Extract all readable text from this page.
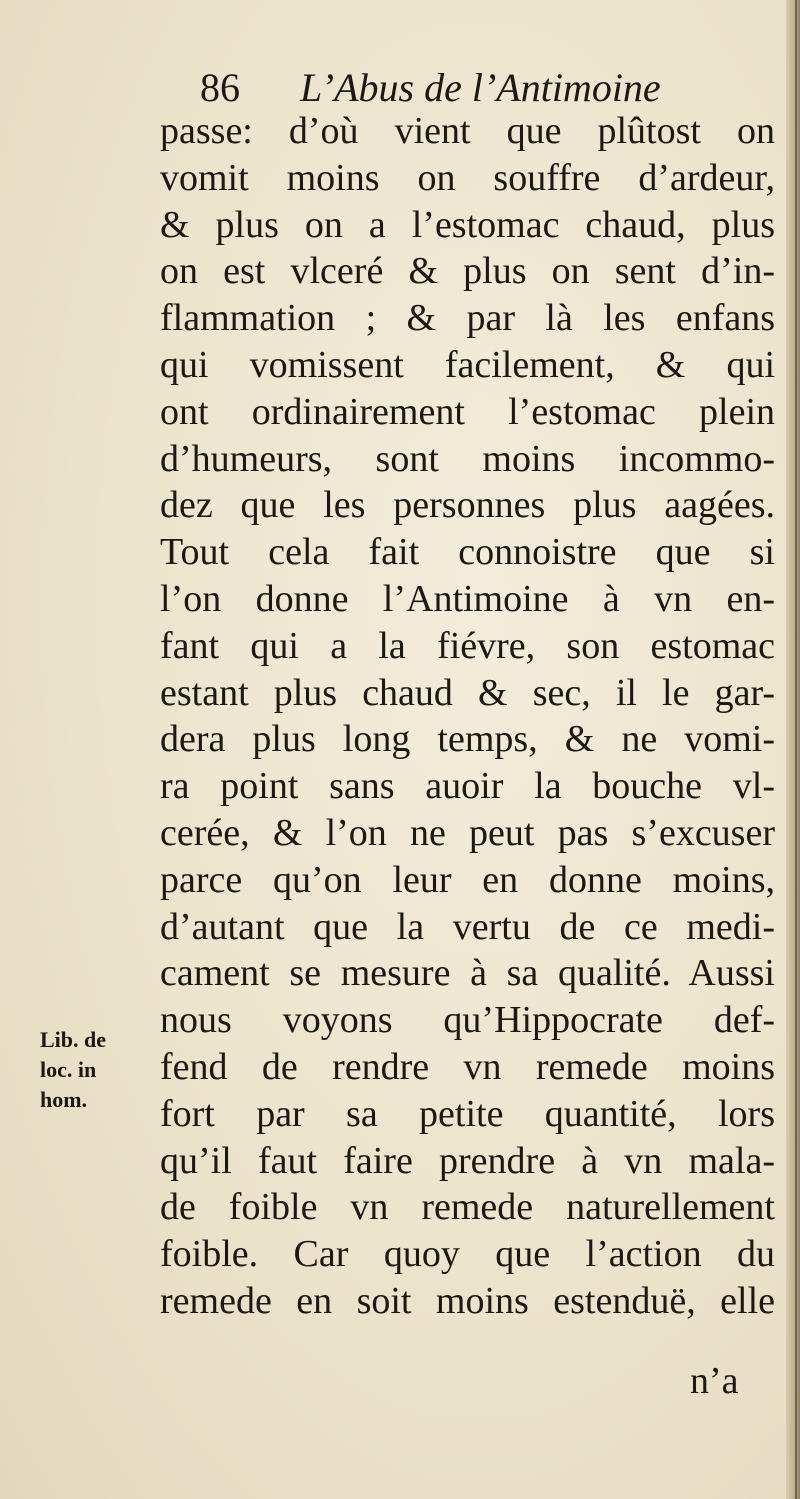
86 L’Abus de l’Antimoine
passe: d’où vient que plûtost on
vomit moins on souffre d’ardeur,
& plus on a l’estomac chaud, plus
on est vlceré & plus on sent d’in-
flammation ; & par là les enfans
qui vomissent facilement, & qui
ont ordinairement l’estomac plein
d’humeurs, sont moins incommo-
dez que les personnes plus aagées.
Tout cela fait connoistre que si
l’on donne l’Antimoine à vn en-
fant qui a la fiévre, son estomac
estant plus chaud & sec, il le gar-
dera plus long temps, & ne vomi-
ra point sans auoir la bouche vl-
cerée, & l’on ne peut pas s’excuser
parce qu’on leur en donne moins,
d’autant que la vertu de ce medi-
cament se mesure à sa qualité. Aussi
nous voyons qu’Hippocrate def-
fend de rendre vn remede moins
fort par sa petite quantité, lors
qu’il faut faire prendre à vn mala-
de foible vn remede naturellement
foible. Car quoy que l’action du
remede en soit moins estenduë, elle
Lib. de
loc. in
hom.
n’a
